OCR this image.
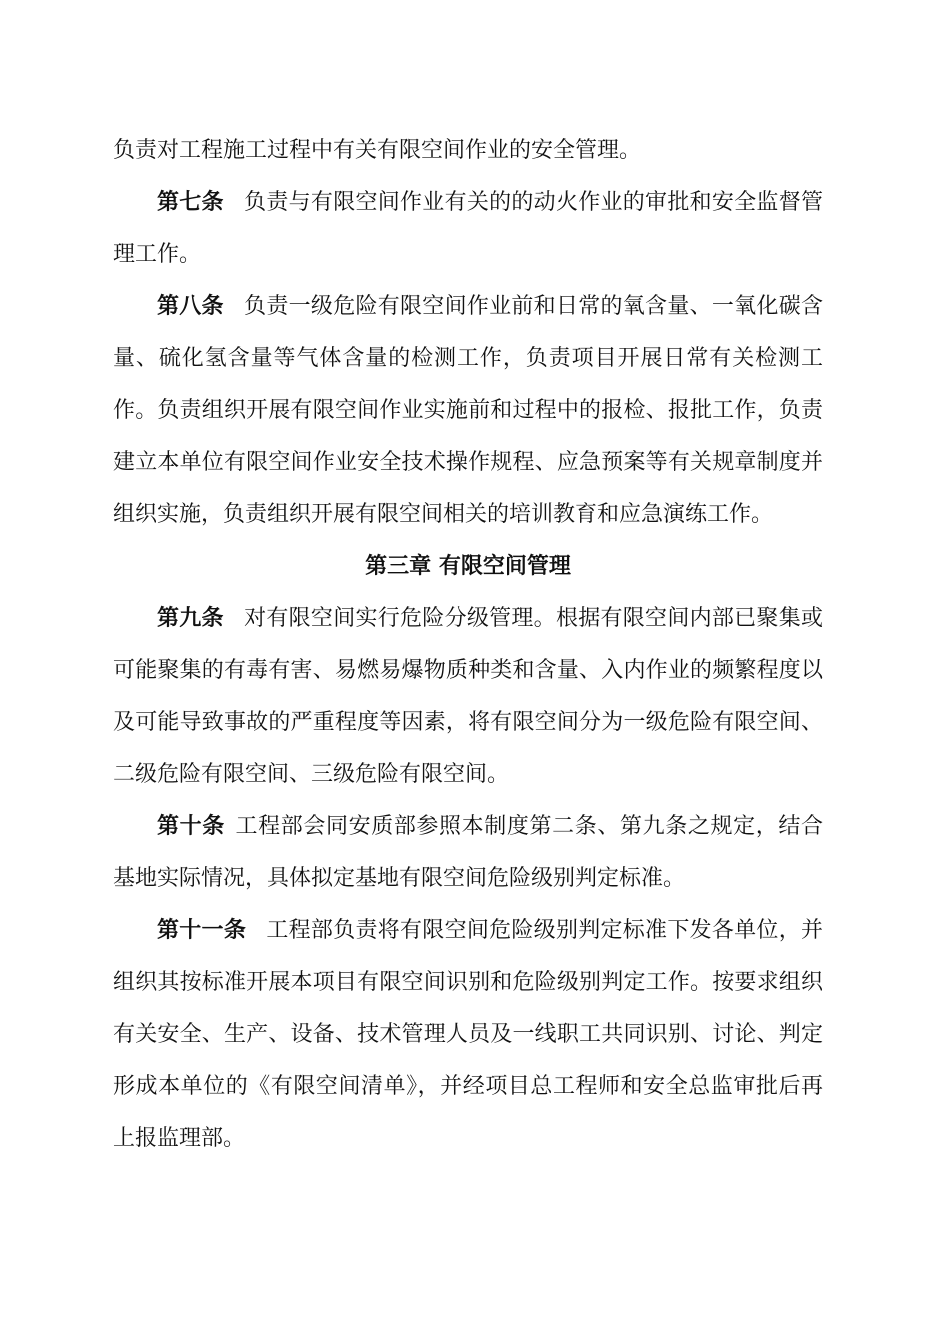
负责对工程施工过程中有关有限空间作业的安全管理。

第七条 负责与有限空间作业有关的的动火作业的审批和安全监督管理工作。

第八条 负责一级危险有限空间作业前和日常的氧含量、一氧化碳含量、硫化氢含量等气体含量的检测工作，负责项目开展日常有关检测工作。负责组织开展有限空间作业实施前和过程中的报检、报批工作，负责建立本单位有限空间作业安全技术操作规程、应急预案等有关规章制度并组织实施，负责组织开展有限空间相关的培训教育和应急演练工作。

第三章 有限空间管理

第九条 对有限空间实行危险分级管理。根据有限空间内部已聚集或可能聚集的有毒有害、易燃易爆物质种类和含量、入内作业的频繁程度以及可能导致事故的严重程度等因素，将有限空间分为一级危险有限空间、二级危险有限空间、三级危险有限空间。

第十条 工程部会同安质部参照本制度第二条、第九条之规定，结合基地实际情况，具体拟定基地有限空间危险级别判定标准。

第十一条 工程部负责将有限空间危险级别判定标准下发各单位，并组织其按标准开展本项目有限空间识别和危险级别判定工作。按要求组织有关安全、生产、设备、技术管理人员及一线职工共同识别、讨论、判定形成本单位的《有限空间清单》，并经项目总工程师和安全总监审批后再上报监理部。
